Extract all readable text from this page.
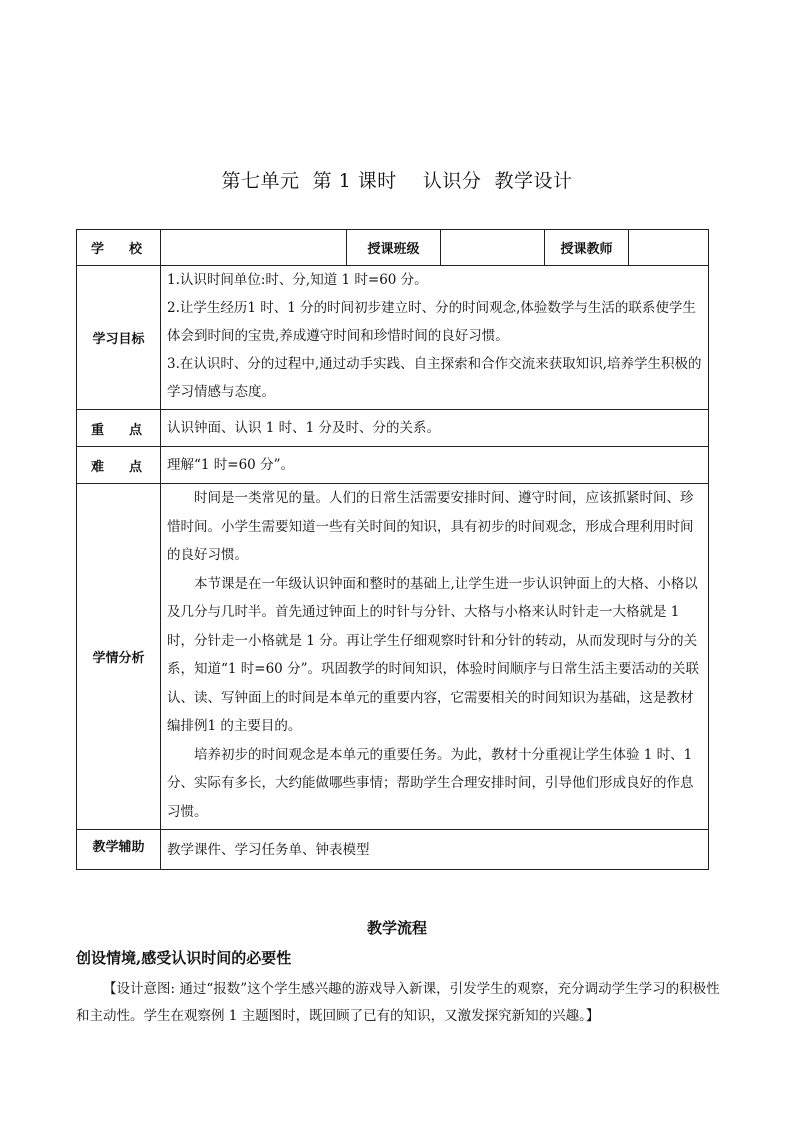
第七单元  第 1 课时    认识分  教学设计
学 校		授课班级		授课教师	
学习目标	1.认识时间单位:时、分,知道 1 时=60 分。

2.让学生经历1 时、1 分的时间初步建立时、分的时间观念,体验数学与生活的联系使学生体会到时间的宝贵,养成遵守时间和珍惜时间的良好习惯。

3.在认识时、分的过程中,通过动手实践、自主探索和合作交流来获取知识,培养学生积极的学习情感与态度。				

重 点	认识钟面、认识 1 时、1 分及时、分的关系。				

难 点	理解“1 时=60 分”。				

学情分析	时间是一类常见的量。人们的日常生活需要安排时间、遵守时间，应该抓紧时间、珍惜时间。小学生需要知道一些有关时间的知识，具有初步的时间观念，形成合理利用时间的良好习惯。

本节课是在一年级认识钟面和整时的基础上,让学生进一步认识钟面上的大格、小格以及几分与几时半。首先通过钟面上的时针与分针、大格与小格来认时针走一大格就是 1 时，分针走一小格就是 1 分。再让学生仔细观察时针和分针的转动，从而发现时与分的关系，知道“1 时=60 分”。巩固教学的时间知识，体验时间顺序与日常生活主要活动的关联认、读、写钟面上的时间是本单元的重要内容，它需要相关的时间知识为基础，这是教材编排例1 的主要目的。

培养初步的时间观念是本单元的重要任务。为此，教材十分重视让学生体验 1 时、1 分、实际有多长，大约能做哪些事情；帮助学生合理安排时间，引导他们形成良好的作息习惯。				

教学辅助	教学课件、学习任务单、钟表模型				
教学流程
创设情境,感受认识时间的必要性
【设计意图: 通过“报数”这个学生感兴趣的游戏导入新课，引发学生的观察，充分调动学生学习的积极性和主动性。学生在观察例 1 主题图时，既回顾了已有的知识，又激发探究新知的兴趣。】
